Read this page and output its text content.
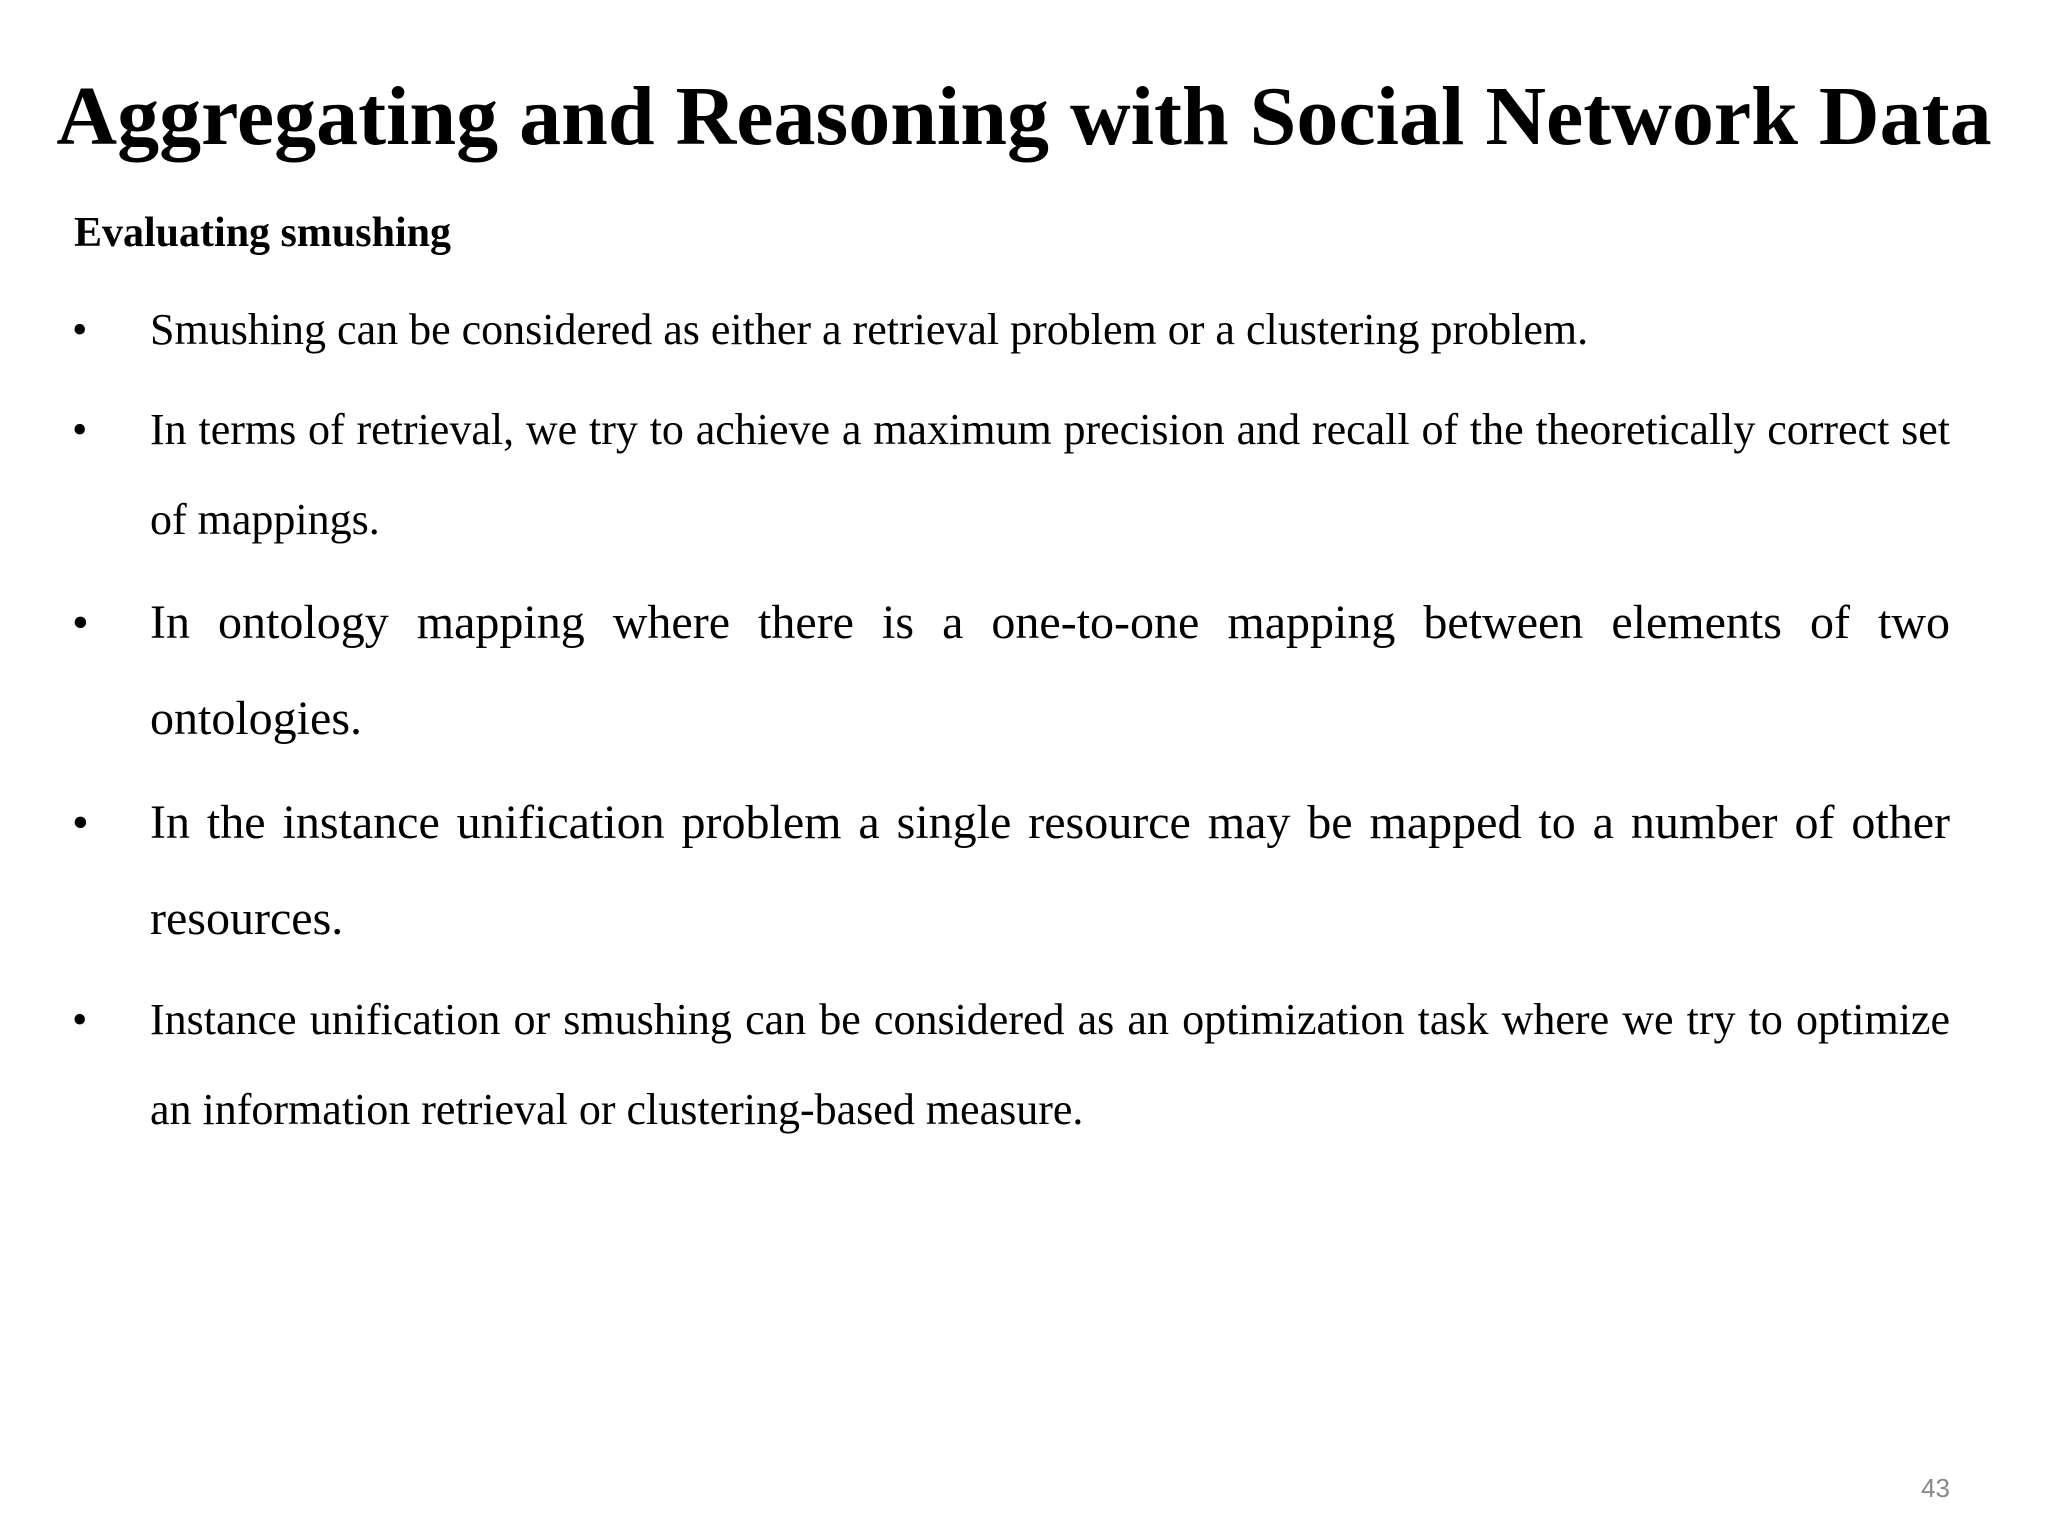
Aggregating and Reasoning with Social Network Data
Evaluating smushing
• Smushing can be considered as either a retrieval problem or a clustering problem.

• In terms of retrieval, we try to achieve a maximum precision and recall of the theoretically correct set of mappings.

• In ontology mapping where there is a one-to-one mapping between elements of two ontologies.

• In the instance unification problem a single resource may be mapped to a number of other resources.

• Instance unification or smushing can be considered as an optimization task where we try to optimize an information retrieval or clustering-based measure.

43
